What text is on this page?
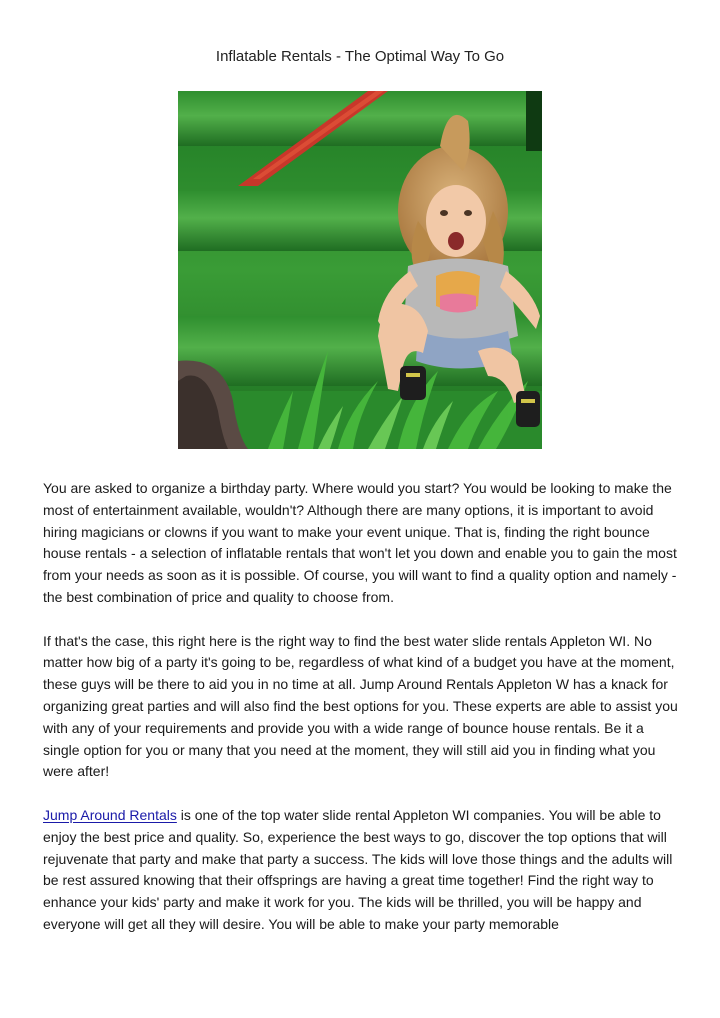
Inflatable Rentals - The Optimal Way To Go

You are asked to organize a birthday party. Where would you start? You would be looking to make the most of entertainment available, wouldn't? Although there are many options, it is important to avoid hiring magicians or clowns if you want to make your event unique. That is, finding the right bounce house rentals - a selection of inflatable rentals that won't let you down and enable you to gain the most from your needs as soon as it is possible. Of course, you will want to find a quality option and namely - the best combination of price and quality to choose from.

If that's the case, this right here is the right way to find the best water slide rentals Appleton WI. No matter how big of a party it's going to be, regardless of what kind of a budget you have at the moment, these guys will be there to aid you in no time at all. Jump Around Rentals Appleton W has a knack for organizing great parties and will also find the best options for you. These experts are able to assist you with any of your requirements and provide you with a wide range of bounce house rentals. Be it a single option for you or many that you need at the moment, they will still aid you in finding what you were after!

Jump Around Rentals is one of the top water slide rental Appleton WI companies. You will be able to enjoy the best price and quality. So, experience the best ways to go, discover the top options that will rejuvenate that party and make that party a success. The kids will love those things and the adults will be rest assured knowing that their offsprings are having a great time together! Find the right way to enhance your kids' party and make it work for you. The kids will be thrilled, you will be happy and everyone will get all they will desire. You will be able to make your party memorable
